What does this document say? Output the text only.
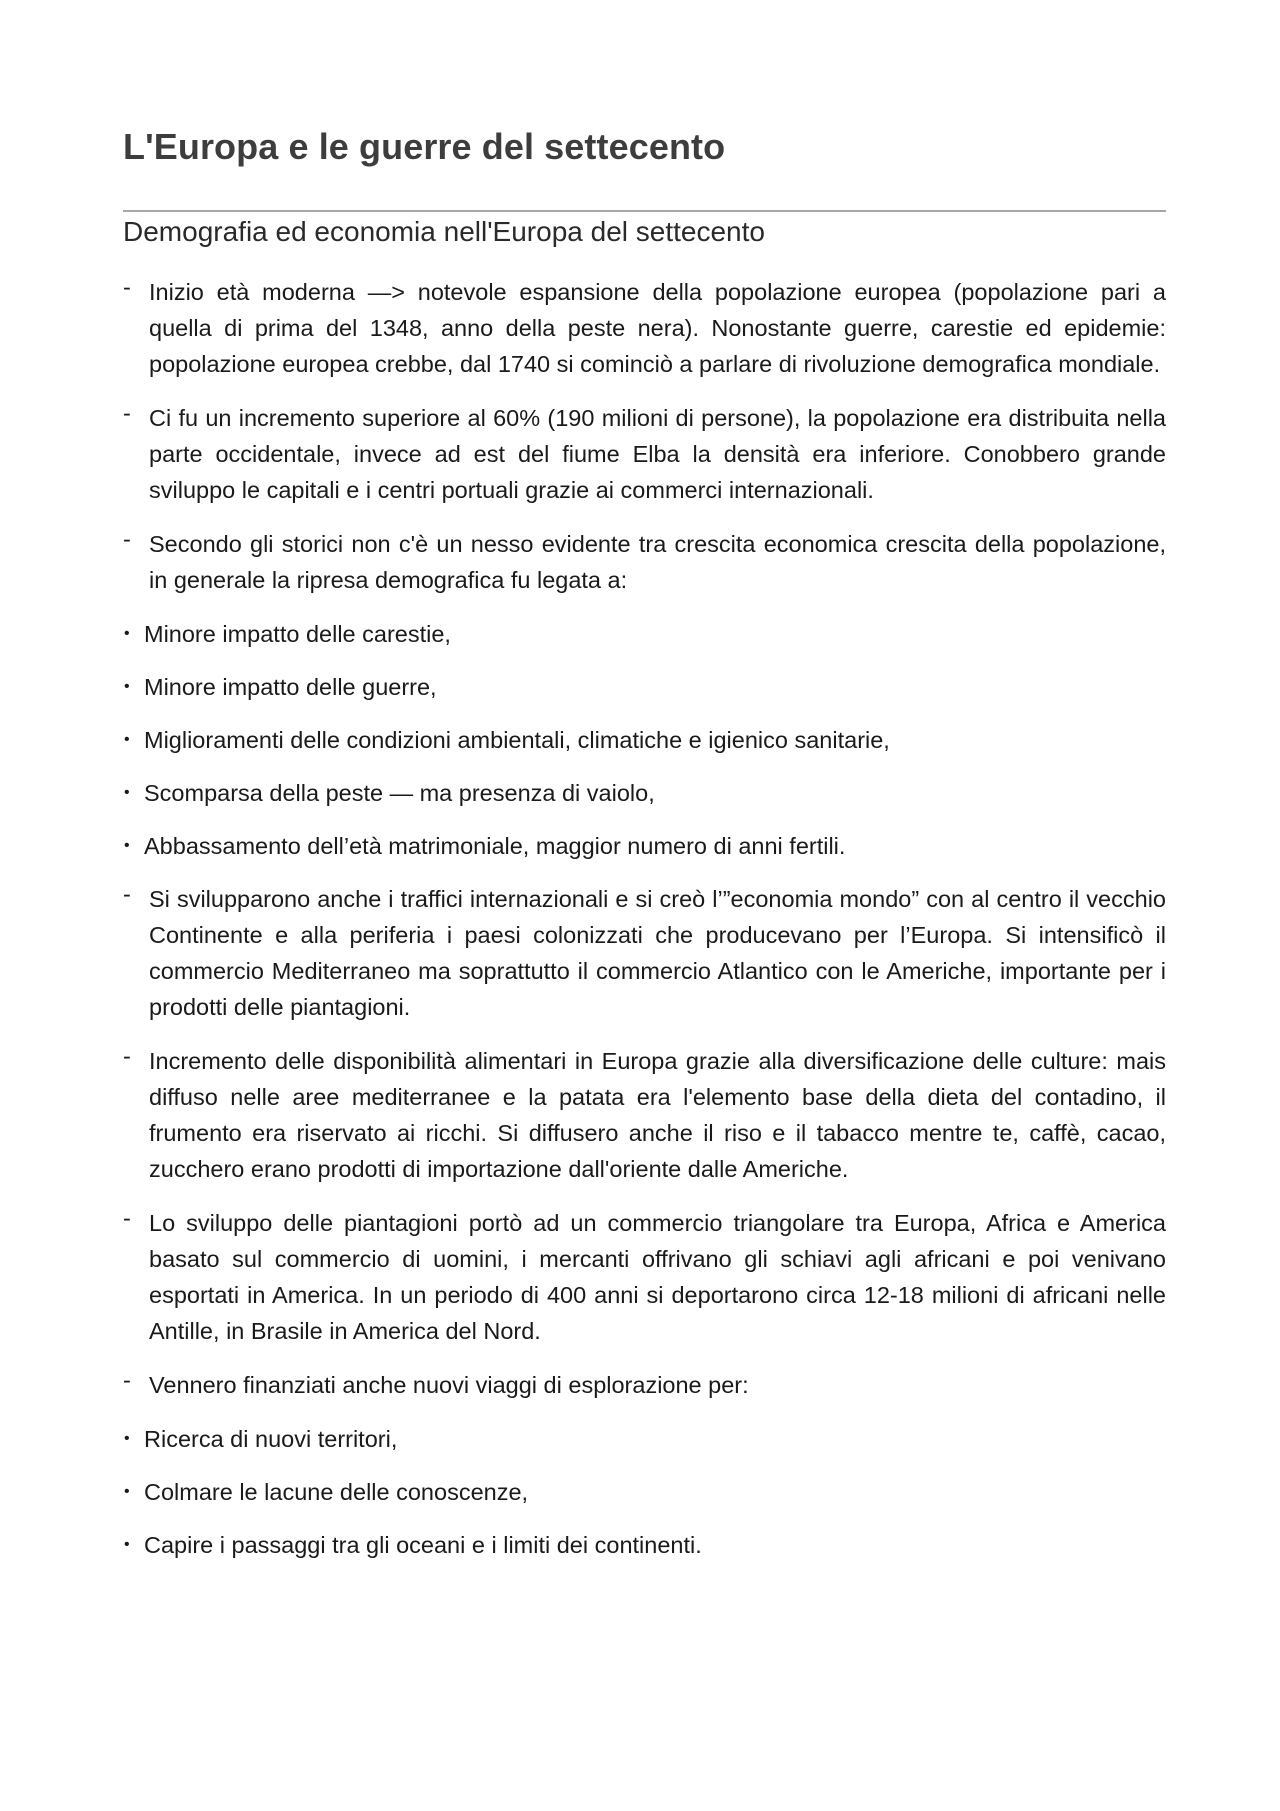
L'Europa e le guerre del settecento
Demografia ed economia nell'Europa del settecento
- Inizio età moderna —> notevole espansione della popolazione europea (popolazione pari a quella di prima del 1348, anno della peste nera). Nonostante guerre, carestie ed epidemie: popolazione europea crebbe, dal 1740 si cominciò a parlare di rivoluzione demografica mondiale.
- Ci fu un incremento superiore al 60% (190 milioni di persone), la popolazione era distribuita nella parte occidentale, invece ad est del fiume Elba la densità era inferiore. Conobbero grande sviluppo le capitali e i centri portuali grazie ai commerci internazionali.
- Secondo gli storici non c'è un nesso evidente tra crescita economica crescita della popolazione, in generale la ripresa demografica fu legata a:
• Minore impatto delle carestie,
• Minore impatto delle guerre,
• Miglioramenti delle condizioni ambientali, climatiche e igienico sanitarie,
• Scomparsa della peste — ma presenza di vaiolo,
• Abbassamento dell’età matrimoniale, maggior numero di anni fertili.
- Si svilupparono anche i traffici internazionali e si creò l’”economia mondo” con al centro il vecchio Continente e alla periferia i paesi colonizzati che producevano per l’Europa. Si intensificò il commercio Mediterraneo ma soprattutto il commercio Atlantico con le Americhe, importante per i prodotti delle piantagioni.
- Incremento delle disponibilità alimentari in Europa grazie alla diversificazione delle culture: mais diffuso nelle aree mediterranee e la patata era l'elemento base della dieta del contadino, il frumento era riservato ai ricchi. Si diffusero anche il riso e il tabacco mentre te, caffè, cacao, zucchero erano prodotti di importazione dall'oriente dalle Americhe.
- Lo sviluppo delle piantagioni portò ad un commercio triangolare tra Europa, Africa e America basato sul commercio di uomini, i mercanti offrivano gli schiavi agli africani e poi venivano esportati in America. In un periodo di 400 anni si deportarono circa 12-18 milioni di africani nelle Antille, in Brasile in America del Nord.
- Vennero finanziati anche nuovi viaggi di esplorazione per:
• Ricerca di nuovi territori,
• Colmare le lacune delle conoscenze,
• Capire i passaggi tra gli oceani e i limiti dei continenti.
